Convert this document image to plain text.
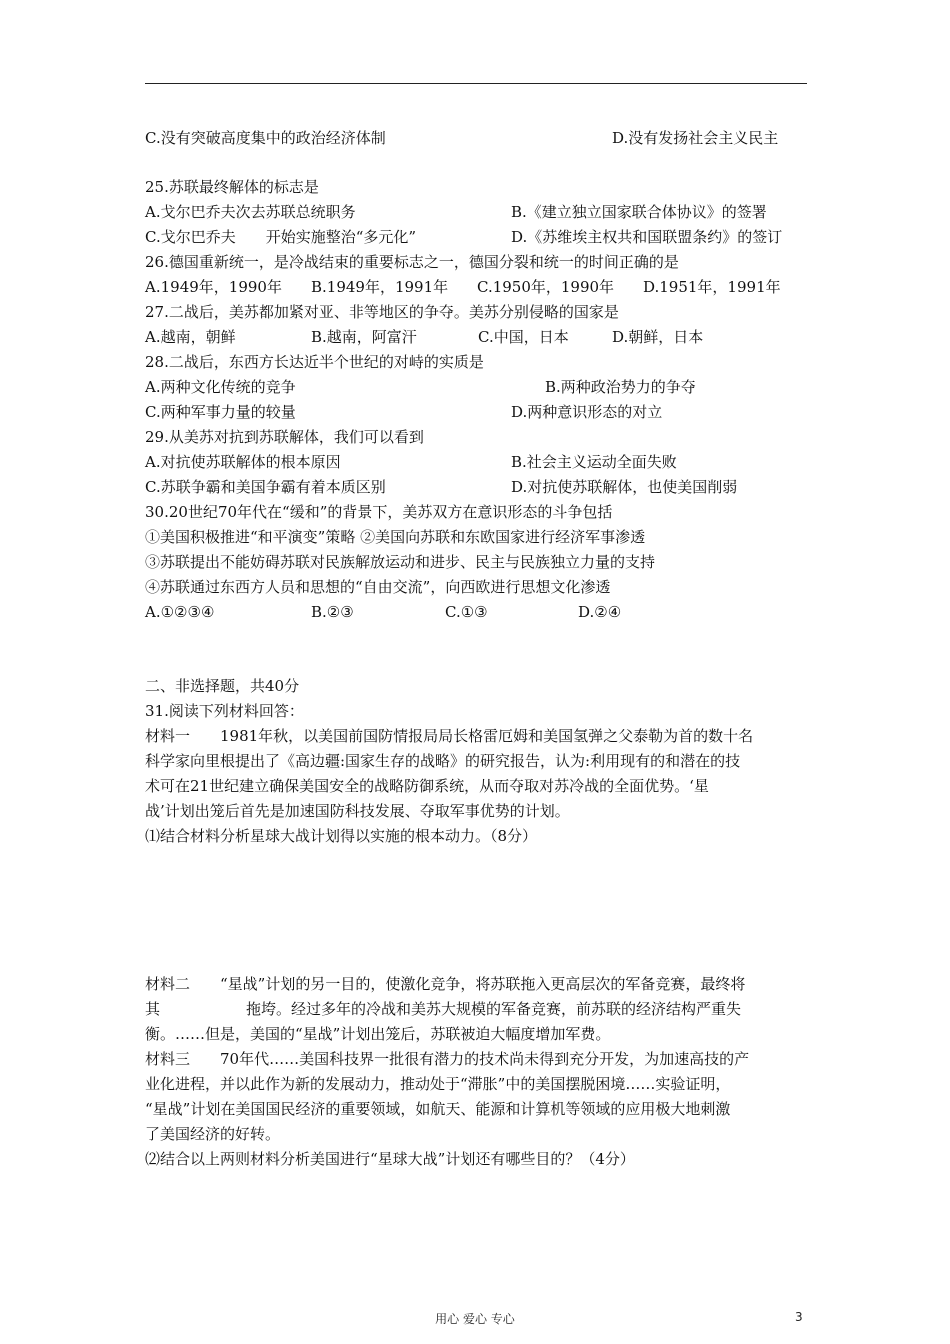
C.没有突破高度集中的政治经济体制	D.没有发扬社会主义民主
25.苏联最终解体的标志是
A.戈尔巴乔夫次去苏联总统职务	B.《建立独立国家联合体协议》的签署
C.戈尔巴乔夫　　开始实施整治“多元化”	D.《苏维埃主权共和国联盟条约》的签订
26.德国重新统一，是冷战结束的重要标志之一，德国分裂和统一的时间正确的是
A.1949年，1990年 B.1949年，1991年 C.1950年，1990年 D.1951年，1991年
27.二战后，美苏都加紧对亚、非等地区的争夺。美苏分别侵略的国家是
A.越南，朝鲜	B.越南，阿富汗	C.中国，日本	D.朝鲜，日本
28.二战后，东西方长达近半个世纪的对峙的实质是
A.两种文化传统的竞争	B.两种政治势力的争夺
C.两种军事力量的较量	D.两种意识形态的对立
29.从美苏对抗到苏联解体，我们可以看到
A.对抗使苏联解体的根本原因	B.社会主义运动全面失败
C.苏联争霸和美国争霸有着本质区别	D.对抗使苏联解体，也使美国削弱
30.20世纪70年代在“缓和”的背景下，美苏双方在意识形态的斗争包括
①美国积极推进“和平演变”策略 ②美国向苏联和东欧国家进行经济军事渗透
③苏联提出不能妨碍苏联对民族解放运动和进步、民主与民族独立力量的支持
④苏联通过东西方人员和思想的“自由交流”，向西欧进行思想文化渗透
A.①②③④	B.②③	C.①③	D.②④
二、非选择题，共40分
31.阅读下列材料回答：
材料一　　1981年秋，以美国前国防情报局局长格雷厄姆和美国氢弹之父泰勒为首的数十名
科学家向里根提出了《高边疆:国家生存的战略》的研究报告，认为:利用现有的和潜在的技
术可在21世纪建立确保美国安全的战略防御系统，从而夺取对苏冷战的全面优势。‘星
战’计划出笼后首先是加速国防科技发展、夺取军事优势的计划。
⑴结合材料分析星球大战计划得以实施的根本动力。（8分）
材料二　　“星战”计划的另一目的，使激化竞争，将苏联拖入更高层次的军备竞赛，最终将
其	拖垮。经过多年的冷战和美苏大规模的军备竞赛，前苏联的经济结构严重失
衡。……但是，美国的“星战”计划出笼后，苏联被迫大幅度增加军费。
材料三　　70年代……美国科技界一批很有潜力的技术尚未得到充分开发，为加速高技的产
业化进程，并以此作为新的发展动力，推动处于“滞胀”中的美国摆脱困境……实验证明，
“星战”计划在美国国民经济的重要领域，如航天、能源和计算机等领域的应用极大地刺激
了美国经济的好转。
⑵结合以上两则材料分析美国进行“星球大战”计划还有哪些目的？（4分）
用心 爱心 专心	3
